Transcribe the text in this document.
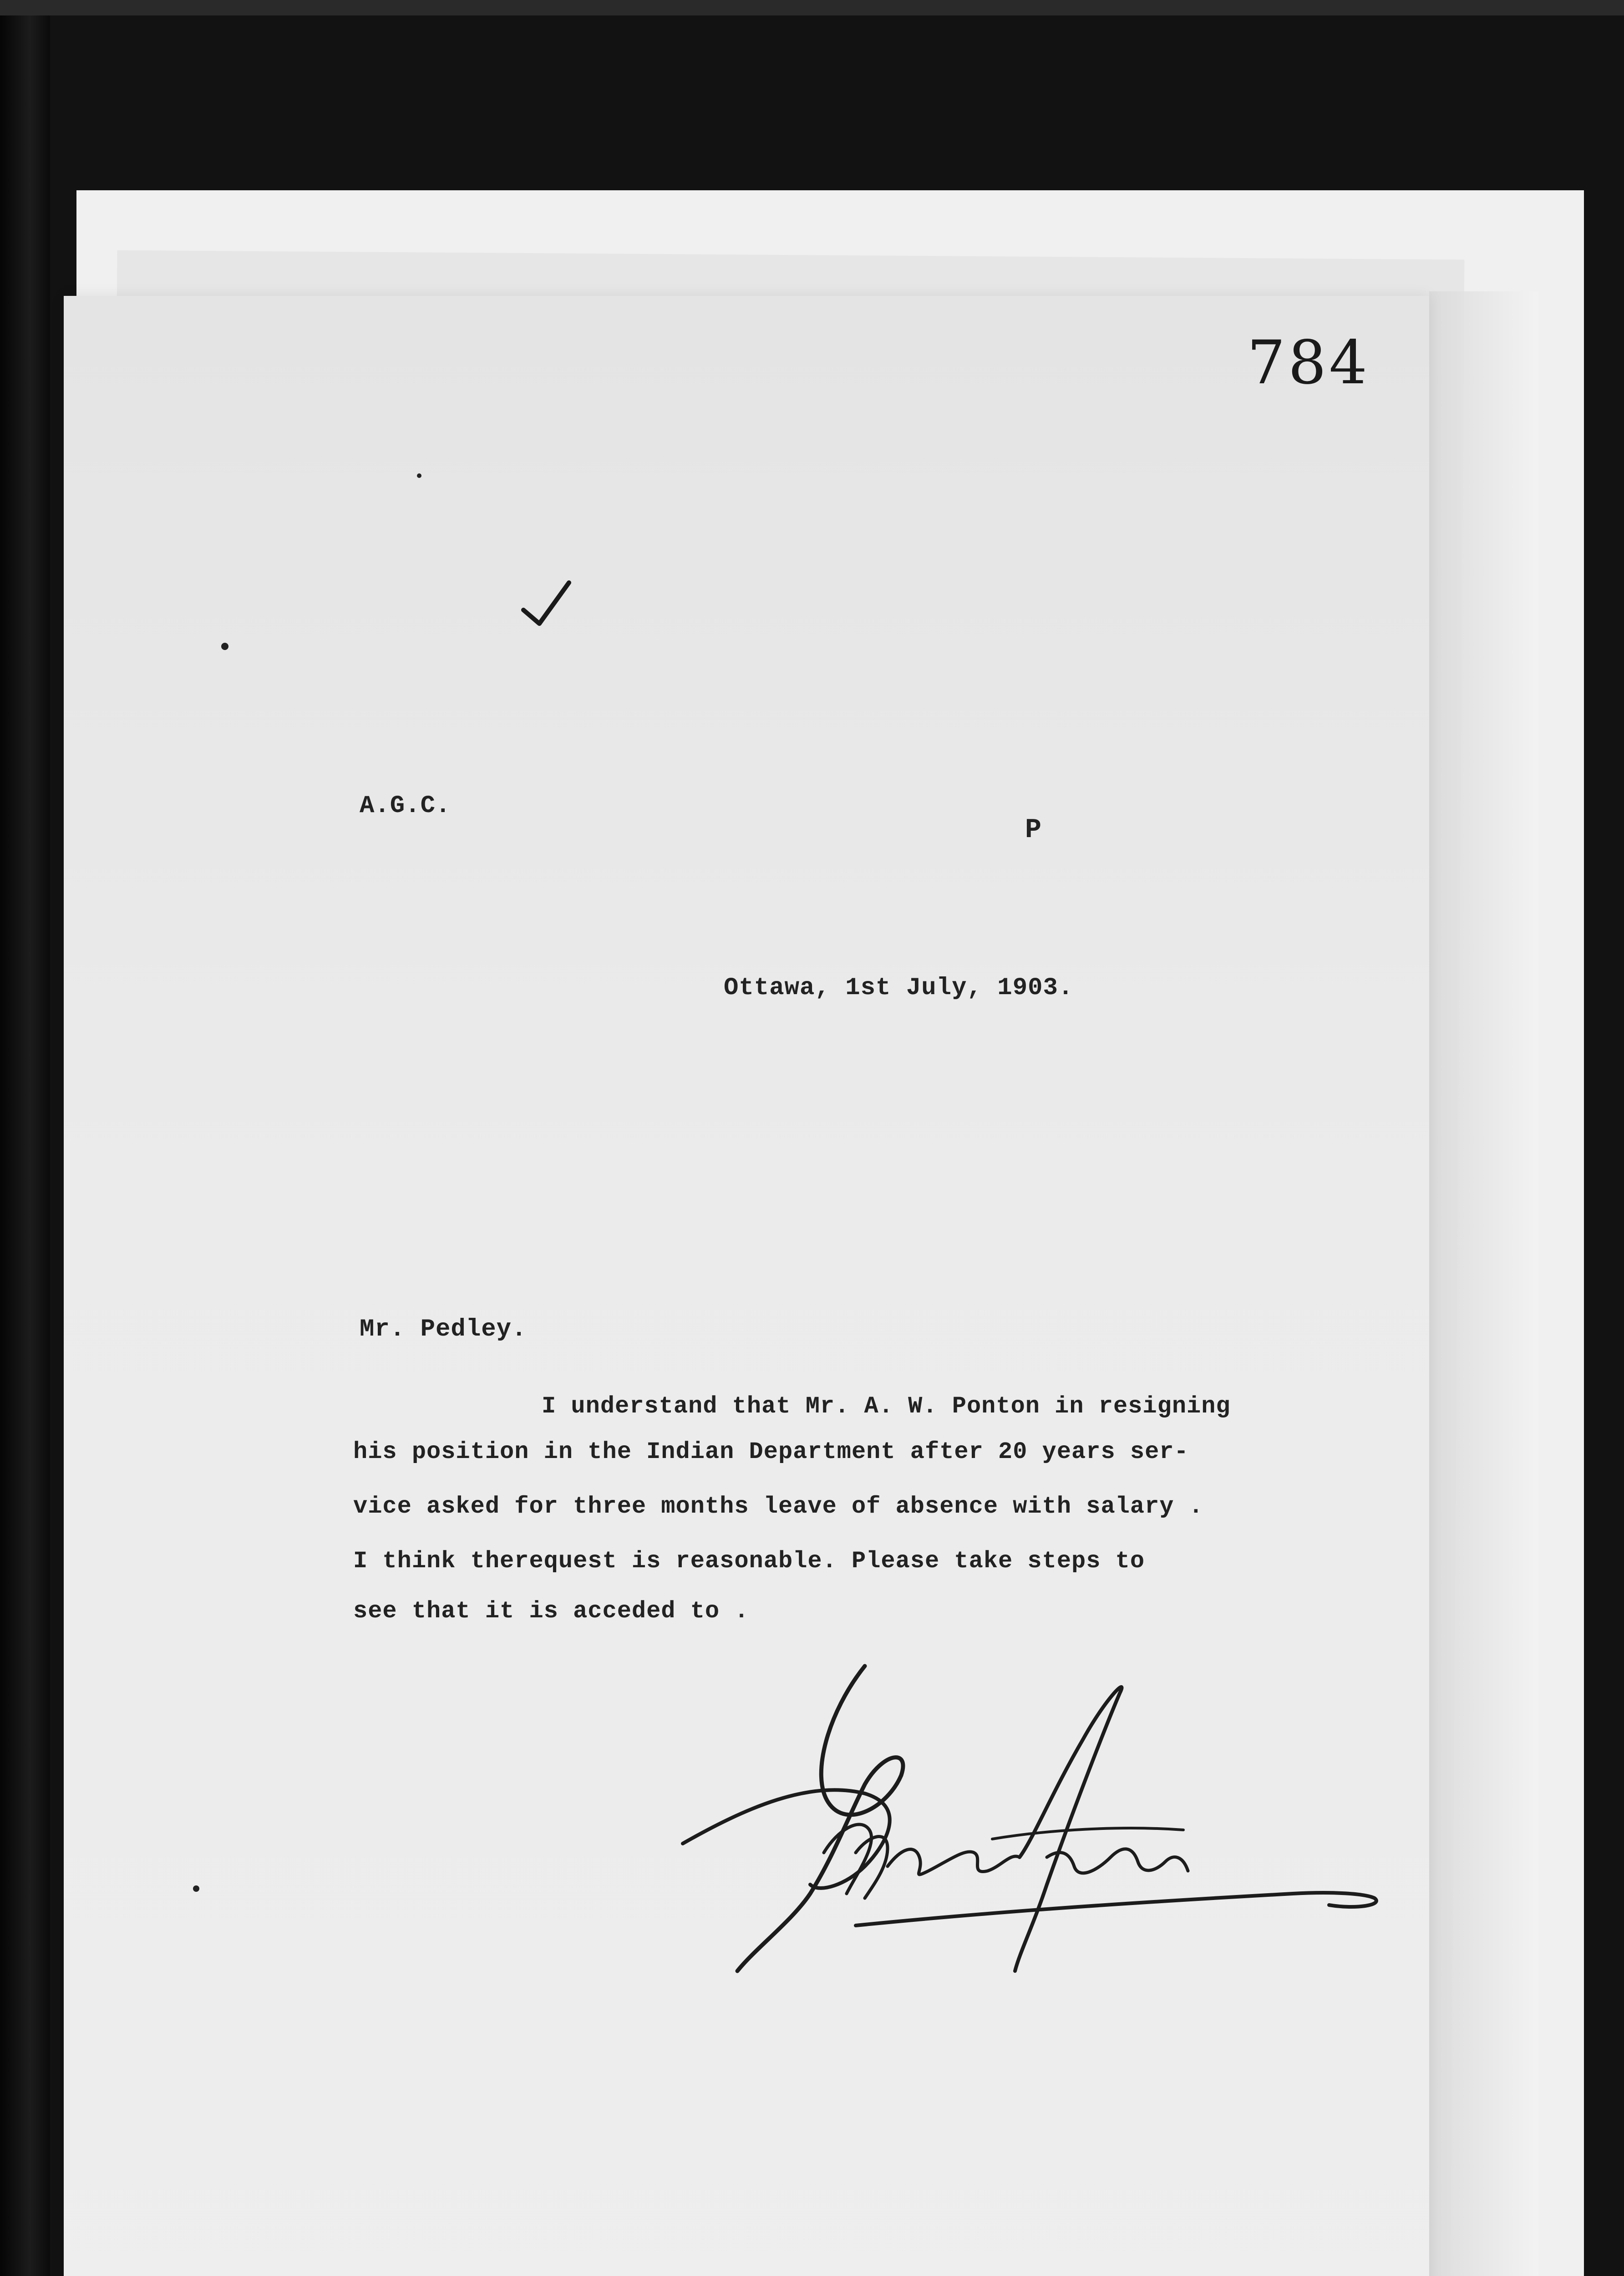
784
A.G.C.
P
Ottawa, 1st July, 1903.
Mr. Pedley.
I understand that Mr. A. W. Ponton in resigning
his position in the Indian Department after 20 years ser-
vice asked for three months leave of absence with salary .
I think therequest is reasonable. Please take steps to
see that it is acceded to .
